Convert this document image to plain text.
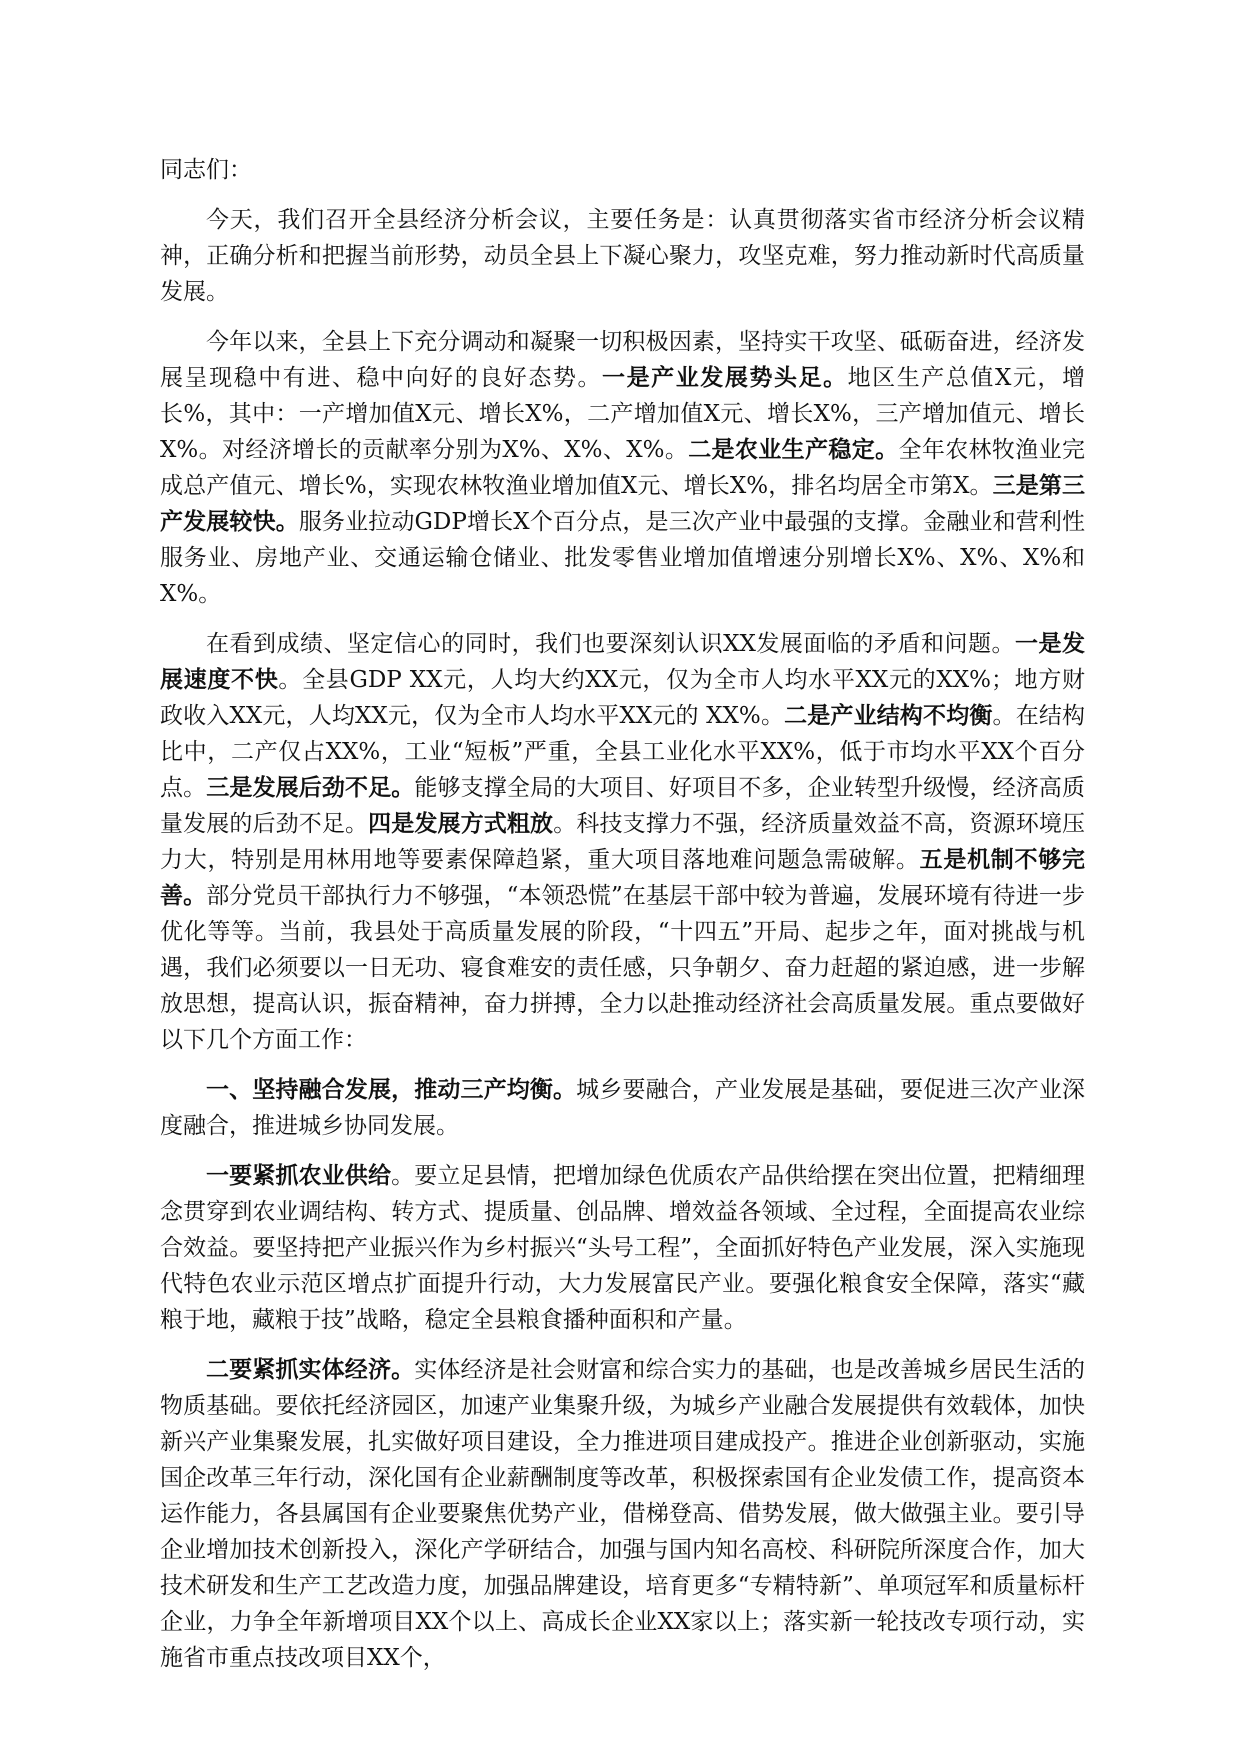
同志们：

今天，我们召开全县经济分析会议，主要任务是：认真贯彻落实省市经济分析会议精神，正确分析和把握当前形势，动员全县上下凝心聚力，攻坚克难，努力推动新时代高质量发展。

今年以来，全县上下充分调动和凝聚一切积极因素，坚持实干攻坚、砥砺奋进，经济发展呈现稳中有进、稳中向好的良好态势。一是产业发展势头足。地区生产总值X元，增长%，其中：一产增加值X元、增长X%，二产增加值X元、增长X%，三产增加值元、增长X%。对经济增长的贡献率分别为X%、X%、X%。二是农业生产稳定。全年农林牧渔业完成总产值元、增长%，实现农林牧渔业增加值X元、增长X%，排名均居全市第X。三是第三产发展较快。服务业拉动GDP增长X个百分点，是三次产业中最强的支撑。金融业和营利性服务业、房地产业、交通运输仓储业、批发零售业增加值增速分别增长X%、X%、X%和X%。

在看到成绩、坚定信心的同时，我们也要深刻认识XX发展面临的矛盾和问题。一是发展速度不快。全县GDP XX元，人均大约XX元，仅为全市人均水平XX元的XX%；地方财政收入XX元，人均XX元，仅为全市人均水平XX元的 XX%。二是产业结构不均衡。在结构比中，二产仅占XX%，工业“短板”严重，全县工业化水平XX%，低于市均水平XX个百分点。三是发展后劲不足。能够支撑全局的大项目、好项目不多，企业转型升级慢，经济高质量发展的后劲不足。四是发展方式粗放。科技支撑力不强，经济质量效益不高，资源环境压力大，特别是用林用地等要素保障趋紧，重大项目落地难问题急需破解。五是机制不够完善。部分党员干部执行力不够强，“本领恐慌”在基层干部中较为普遍，发展环境有待进一步优化等等。当前，我县处于高质量发展的阶段，“十四五”开局、起步之年，面对挑战与机遇，我们必须要以一日无功、寝食难安的责任感，只争朝夕、奋力赶超的紧迫感，进一步解放思想，提高认识，振奋精神，奋力拼搏，全力以赴推动经济社会高质量发展。重点要做好以下几个方面工作：

一、坚持融合发展，推动三产均衡。城乡要融合，产业发展是基础，要促进三次产业深度融合，推进城乡协同发展。

一要紧抓农业供给。要立足县情，把增加绿色优质农产品供给摆在突出位置，把精细理念贯穿到农业调结构、转方式、提质量、创品牌、增效益各领域、全过程，全面提高农业综合效益。要坚持把产业振兴作为乡村振兴“头号工程”，全面抓好特色产业发展，深入实施现代特色农业示范区增点扩面提升行动，大力发展富民产业。要强化粮食安全保障，落实“藏粮于地，藏粮于技”战略，稳定全县粮食播种面积和产量。

二要紧抓实体经济。实体经济是社会财富和综合实力的基础，也是改善城乡居民生活的物质基础。要依托经济园区，加速产业集聚升级，为城乡产业融合发展提供有效载体，加快新兴产业集聚发展，扎实做好项目建设，全力推进项目建成投产。推进企业创新驱动，实施国企改革三年行动，深化国有企业薪酬制度等改革，积极探索国有企业发债工作，提高资本运作能力，各县属国有企业要聚焦优势产业，借梯登高、借势发展，做大做强主业。要引导企业增加技术创新投入，深化产学研结合，加强与国内知名高校、科研院所深度合作，加大技术研发和生产工艺改造力度，加强品牌建设，培育更多“专精特新”、单项冠军和质量标杆企业，力争全年新增项目XX个以上、高成长企业XX家以上；落实新一轮技改专项行动，实施省市重点技改项目XX个，
